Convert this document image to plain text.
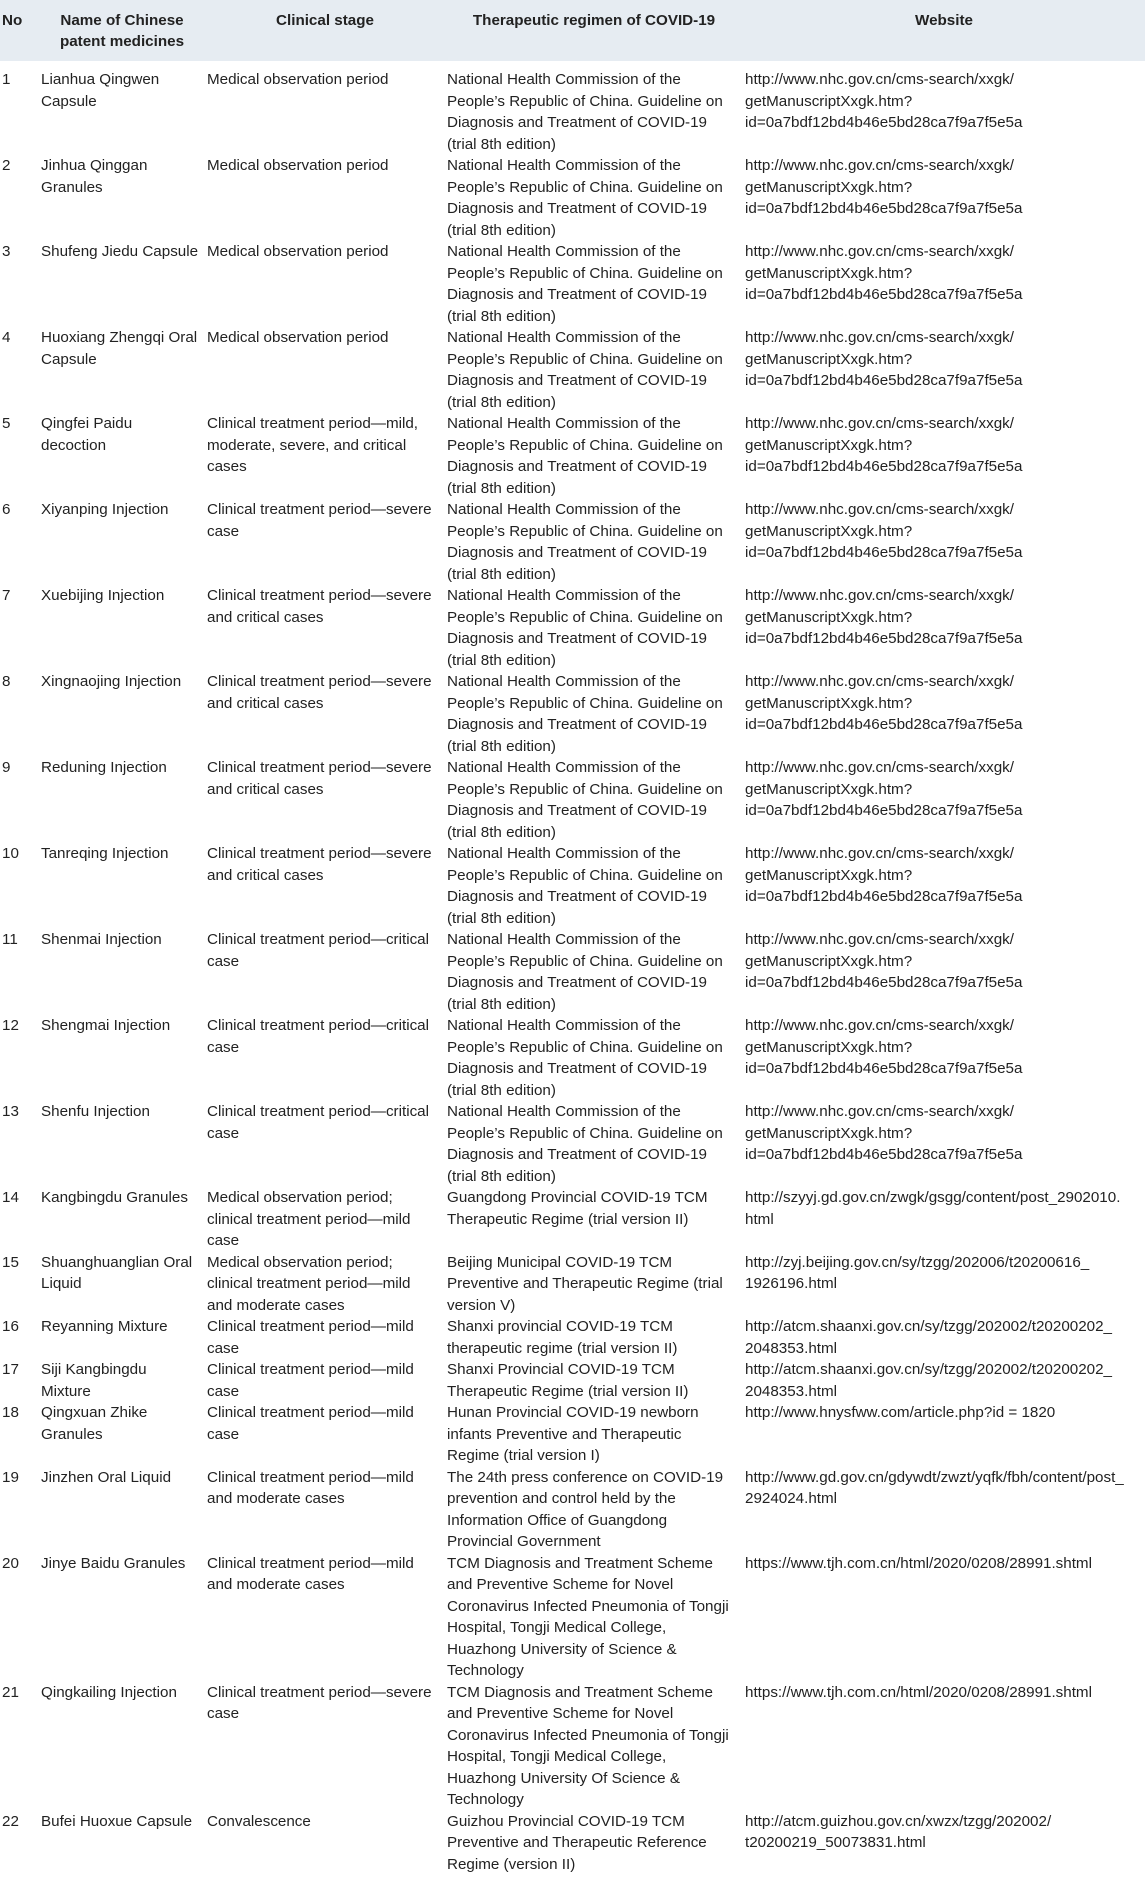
No	Name of Chinese patent medicines	Clinical stage	Therapeutic regimen of COVID-19	Website
1	Lianhua Qingwen Capsule	Medical observation period	National Health Commission of the People’s Republic of China. Guideline on Diagnosis and Treatment of COVID-19 (trial 8th edition)	http://www.nhc.gov.cn/cms-search/xxgk/ getManuscriptXxgk.htm? id=0a7bdf12bd4b46e5bd28ca7f9a7f5e5a
2	Jinhua Qinggan Granules	Medical observation period	National Health Commission of the People’s Republic of China. Guideline on Diagnosis and Treatment of COVID-19 (trial 8th edition)	http://www.nhc.gov.cn/cms-search/xxgk/ getManuscriptXxgk.htm? id=0a7bdf12bd4b46e5bd28ca7f9a7f5e5a
3	Shufeng Jiedu Capsule	Medical observation period	National Health Commission of the People’s Republic of China. Guideline on Diagnosis and Treatment of COVID-19 (trial 8th edition)	http://www.nhc.gov.cn/cms-search/xxgk/ getManuscriptXxgk.htm? id=0a7bdf12bd4b46e5bd28ca7f9a7f5e5a
4	Huoxiang Zhengqi Oral Capsule	Medical observation period	National Health Commission of the People’s Republic of China. Guideline on Diagnosis and Treatment of COVID-19 (trial 8th edition)	http://www.nhc.gov.cn/cms-search/xxgk/ getManuscriptXxgk.htm? id=0a7bdf12bd4b46e5bd28ca7f9a7f5e5a
5	Qingfei Paidu decoction	Clinical treatment period—mild, moderate, severe, and critical cases	National Health Commission of the People’s Republic of China. Guideline on Diagnosis and Treatment of COVID-19 (trial 8th edition)	http://www.nhc.gov.cn/cms-search/xxgk/ getManuscriptXxgk.htm? id=0a7bdf12bd4b46e5bd28ca7f9a7f5e5a
6	Xiyanping Injection	Clinical treatment period—severe case	National Health Commission of the People’s Republic of China. Guideline on Diagnosis and Treatment of COVID-19 (trial 8th edition)	http://www.nhc.gov.cn/cms-search/xxgk/ getManuscriptXxgk.htm? id=0a7bdf12bd4b46e5bd28ca7f9a7f5e5a
7	Xuebijing Injection	Clinical treatment period—severe and critical cases	National Health Commission of the People’s Republic of China. Guideline on Diagnosis and Treatment of COVID-19 (trial 8th edition)	http://www.nhc.gov.cn/cms-search/xxgk/ getManuscriptXxgk.htm? id=0a7bdf12bd4b46e5bd28ca7f9a7f5e5a
8	Xingnaojing Injection	Clinical treatment period—severe and critical cases	National Health Commission of the People’s Republic of China. Guideline on Diagnosis and Treatment of COVID-19 (trial 8th edition)	http://www.nhc.gov.cn/cms-search/xxgk/ getManuscriptXxgk.htm? id=0a7bdf12bd4b46e5bd28ca7f9a7f5e5a
9	Reduning Injection	Clinical treatment period—severe and critical cases	National Health Commission of the People’s Republic of China. Guideline on Diagnosis and Treatment of COVID-19 (trial 8th edition)	http://www.nhc.gov.cn/cms-search/xxgk/ getManuscriptXxgk.htm? id=0a7bdf12bd4b46e5bd28ca7f9a7f5e5a
10	Tanreqing Injection	Clinical treatment period—severe and critical cases	National Health Commission of the People’s Republic of China. Guideline on Diagnosis and Treatment of COVID-19 (trial 8th edition)	http://www.nhc.gov.cn/cms-search/xxgk/ getManuscriptXxgk.htm? id=0a7bdf12bd4b46e5bd28ca7f9a7f5e5a
11	Shenmai Injection	Clinical treatment period—critical case	National Health Commission of the People’s Republic of China. Guideline on Diagnosis and Treatment of COVID-19 (trial 8th edition)	http://www.nhc.gov.cn/cms-search/xxgk/ getManuscriptXxgk.htm? id=0a7bdf12bd4b46e5bd28ca7f9a7f5e5a
12	Shengmai Injection	Clinical treatment period—critical case	National Health Commission of the People’s Republic of China. Guideline on Diagnosis and Treatment of COVID-19 (trial 8th edition)	http://www.nhc.gov.cn/cms-search/xxgk/ getManuscriptXxgk.htm? id=0a7bdf12bd4b46e5bd28ca7f9a7f5e5a
13	Shenfu Injection	Clinical treatment period—critical case	National Health Commission of the People’s Republic of China. Guideline on Diagnosis and Treatment of COVID-19 (trial 8th edition)	http://www.nhc.gov.cn/cms-search/xxgk/ getManuscriptXxgk.htm? id=0a7bdf12bd4b46e5bd28ca7f9a7f5e5a
14	Kangbingdu Granules	Medical observation period; clinical treatment period—mild case	Guangdong Provincial COVID-19 TCM Therapeutic Regime (trial version II)	http://szyyj.gd.gov.cn/zwgk/gsgg/content/post_2902010. html
15	Shuanghuanglian Oral Liquid	Medical observation period; clinical treatment period—mild and moderate cases	Beijing Municipal COVID-19 TCM Preventive and Therapeutic Regime (trial version V)	http://zyj.beijing.gov.cn/sy/tzgg/202006/t20200616_ 1926196.html
16	Reyanning Mixture	Clinical treatment period—mild case	Shanxi provincial COVID-19 TCM therapeutic regime (trial version II)	http://atcm.shaanxi.gov.cn/sy/tzgg/202002/t20200202_ 2048353.html
17	Siji Kangbingdu Mixture	Clinical treatment period—mild case	Shanxi Provincial COVID-19 TCM Therapeutic Regime (trial version II)	http://atcm.shaanxi.gov.cn/sy/tzgg/202002/t20200202_ 2048353.html
18	Qingxuan Zhike Granules	Clinical treatment period—mild case	Hunan Provincial COVID-19 newborn infants Preventive and Therapeutic Regime (trial version I)	http://www.hnysfww.com/article.php?id = 1820
19	Jinzhen Oral Liquid	Clinical treatment period—mild and moderate cases	The 24th press conference on COVID-19 prevention and control held by the Information Office of Guangdong Provincial Government	http://www.gd.gov.cn/gdywdt/zwzt/yqfk/fbh/content/post_ 2924024.html
20	Jinye Baidu Granules	Clinical treatment period—mild and moderate cases	TCM Diagnosis and Treatment Scheme and Preventive Scheme for Novel Coronavirus Infected Pneumonia of Tongji Hospital, Tongji Medical College, Huazhong University of Science & Technology	https://www.tjh.com.cn/html/2020/0208/28991.shtml
21	Qingkailing Injection	Clinical treatment period—severe case	TCM Diagnosis and Treatment Scheme and Preventive Scheme for Novel Coronavirus Infected Pneumonia of Tongji Hospital, Tongji Medical College, Huazhong University Of Science & Technology	https://www.tjh.com.cn/html/2020/0208/28991.shtml
22	Bufei Huoxue Capsule	Convalescence	Guizhou Provincial COVID-19 TCM Preventive and Therapeutic Reference Regime (version II)	http://atcm.guizhou.gov.cn/xwzx/tzgg/202002/ t20200219_50073831.html
